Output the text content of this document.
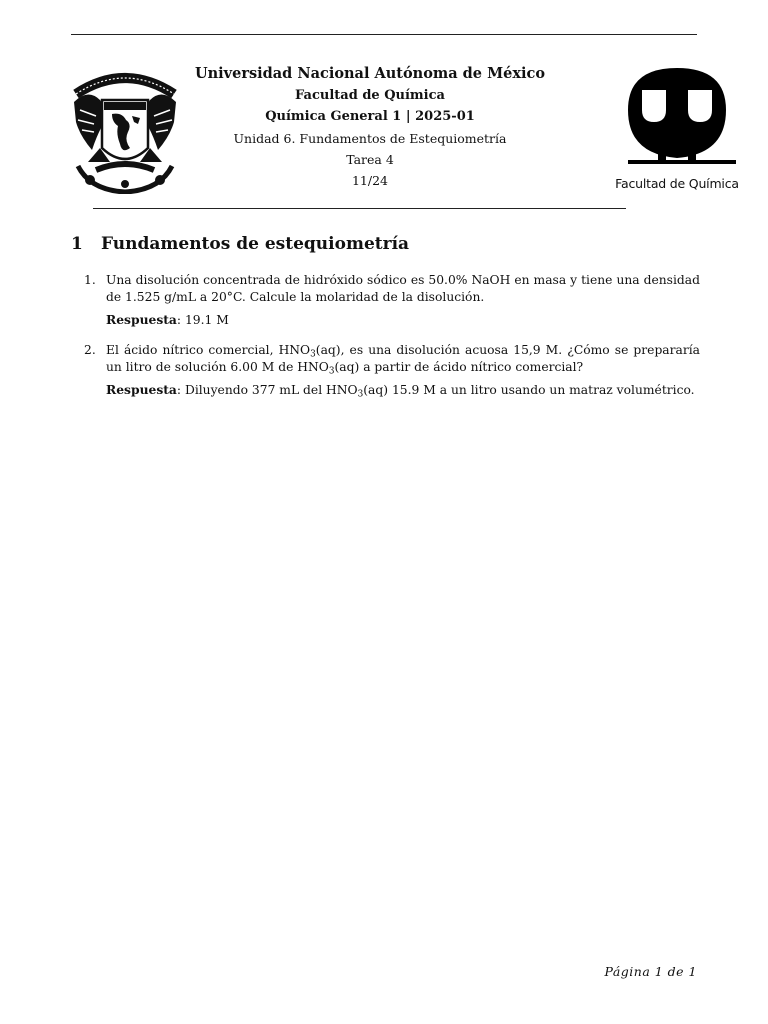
Universidad Nacional Autónoma de México
Facultad de Química
Química General 1 | 2025-01
Unidad 6. Fundamentos de Estequiometría
Tarea 4
11/24	Facultad de Química
1 Fundamentos de estequiometría
1. Una disolución concentrada de hidróxido sódico es 50.0% NaOH en masa y tiene una densidad de 1.525 g/mL a 20°C. Calcule la molaridad de la disolución.
Respuesta: 19.1 M
2. El ácido nítrico comercial, $HNO_3(aq)$, es una disolución acuosa 15,9 M. ¿Cómo se prepararía un litro de solución 6.00 M de $HNO_3(aq)$ a partir de ácido nítrico comercial?
Respuesta: Diluyendo 377 mL del $HNO_3(aq)$ 15.9 M a un litro usando un matraz volumétrico.
Página 1 de 1
